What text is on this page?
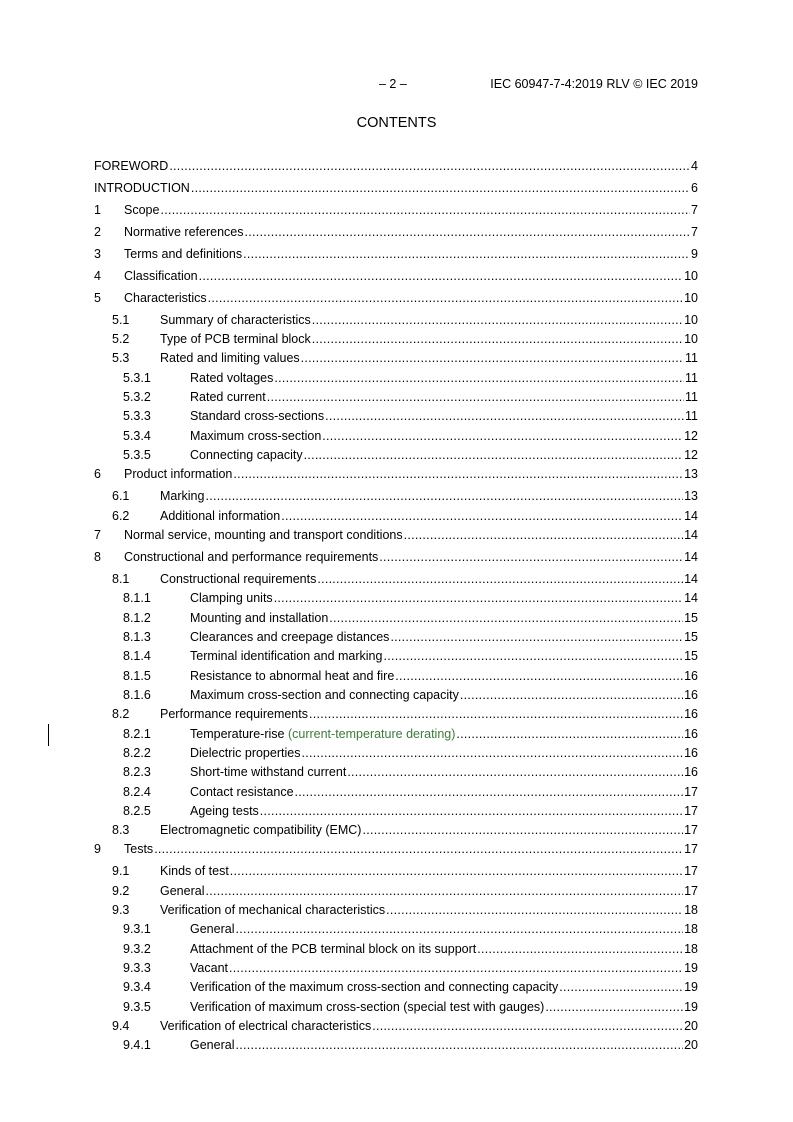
– 2 –	IEC 60947-7-4:2019 RLV © IEC 2019
CONTENTS
FOREWORD . . .	4
INTRODUCTION . . .	6
1	Scope . . .	7
2	Normative references . . .	7
3	Terms and definitions . . .	9
4	Classification . . .	10
5	Characteristics . . .	10
5.1	Summary of characteristics . . .	10
5.2	Type of PCB terminal block . . .	10
5.3	Rated and limiting values . . .	11
5.3.1	Rated voltages . . .	11
5.3.2	Rated current . . .	11
5.3.3	Standard cross-sections . . .	11
5.3.4	Maximum cross-section . . .	12
5.3.5	Connecting capacity . . .	12
6	Product information . . .	13
6.1	Marking . . .	13
6.2	Additional information . . .	14
7	Normal service, mounting and transport conditions . . .	14
8	Constructional and performance requirements . . .	14
8.1	Constructional requirements . . .	14
8.1.1	Clamping units . . .	14
8.1.2	Mounting and installation . . .	15
8.1.3	Clearances and creepage distances . . .	15
8.1.4	Terminal identification and marking . . .	15
8.1.5	Resistance to abnormal heat and fire . . .	16
8.1.6	Maximum cross-section and connecting capacity . . .	16
8.2	Performance requirements . . .	16
8.2.1	Temperature-rise (current-temperature derating) . . .	16
8.2.2	Dielectric properties . . .	16
8.2.3	Short-time withstand current . . .	16
8.2.4	Contact resistance . . .	17
8.2.5	Ageing tests . . .	17
8.3	Electromagnetic compatibility (EMC) . . .	17
9	Tests . . .	17
9.1	Kinds of test . . .	17
9.2	General . . .	17
9.3	Verification of mechanical characteristics . . .	18
9.3.1	General . . .	18
9.3.2	Attachment of the PCB terminal block on its support . . .	18
9.3.3	Vacant . . .	19
9.3.4	Verification of the maximum cross-section and connecting capacity . . .	19
9.3.5	Verification of maximum cross-section (special test with gauges) . . .	19
9.4	Verification of electrical characteristics . . .	20
9.4.1	General . . .	20
